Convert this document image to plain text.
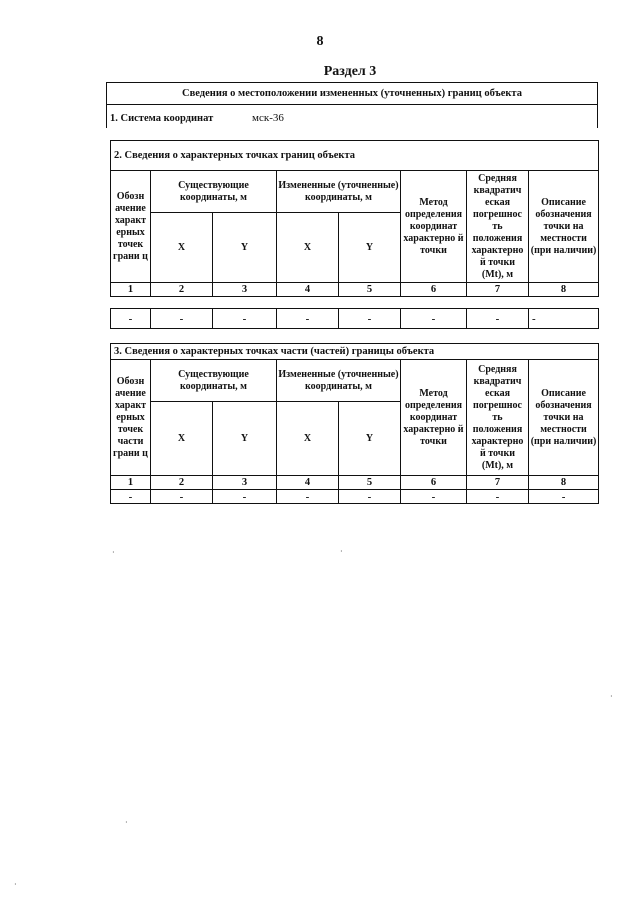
8
Раздел 3
Сведения о местоположении измененных (уточненных) границ объекта
1. Система координат	мск-36
2. Сведения о характерных точках границ объекта							
Обозн ачение характ ерных точек грани ц	Существующие координаты, м		Измененные (уточненные) координаты, м		Метод определения координат характерно й точки	Средняя квадратич еская погрешнос ть положения характерно й точки (Mt), м	Описание обозначения точки на местности (при наличии)
	X	Y	X	Y			
1	2	3	4	5	6	7	8
-	-	-	-	-	-	-	-
3. Сведения о характерных точках части (частей) границы объекта							
Обозн ачение характ ерных точек части грани ц	Существующие координаты, м		Измененные (уточненные) координаты, м		Метод определения координат характерно й точки	Средняя квадратич еская погрешнос ть положения характерно й точки (Mt), м	Описание обозначения точки на местности (при наличии)
	X	Y	X	Y			
1	2	3	4	5	6	7	8
-	-	-	-	-	-	-	-
·	·
·
·
·
